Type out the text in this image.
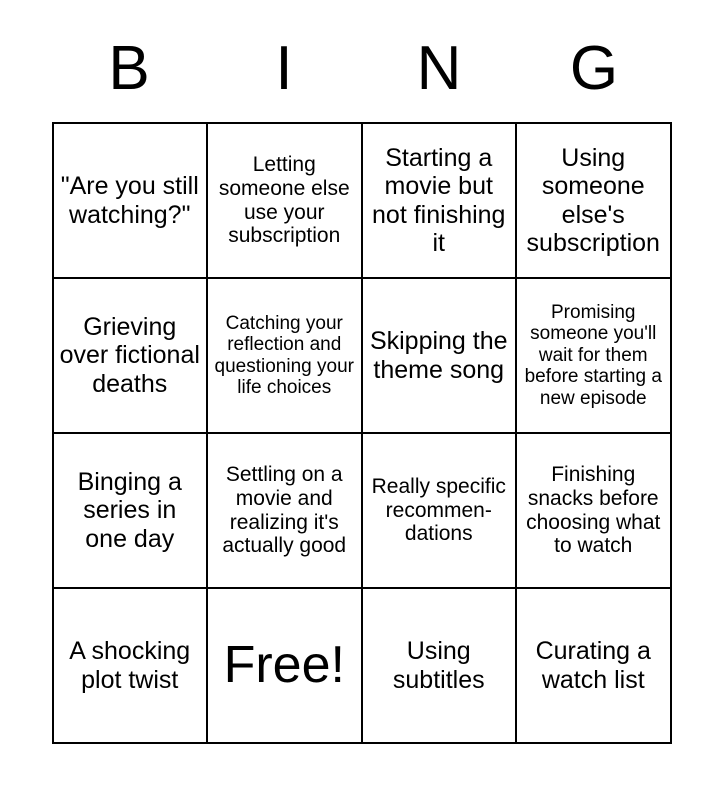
B	I	N	G
"Are you still watching?"
Letting someone else use your subscription
Starting a movie but not finishing it
Using someone else's subscription
Grieving over fictional deaths
Catching your reflection and questioning your life choices
Skipping the theme song
Promising someone you'll wait for them before starting a new episode
Binging a series in one day
Settling on a movie and realizing it's actually good
Really specific recommen-dations
Finishing snacks before choosing what to watch
A shocking plot twist Free!	Using subtitles
Curating a watch list
